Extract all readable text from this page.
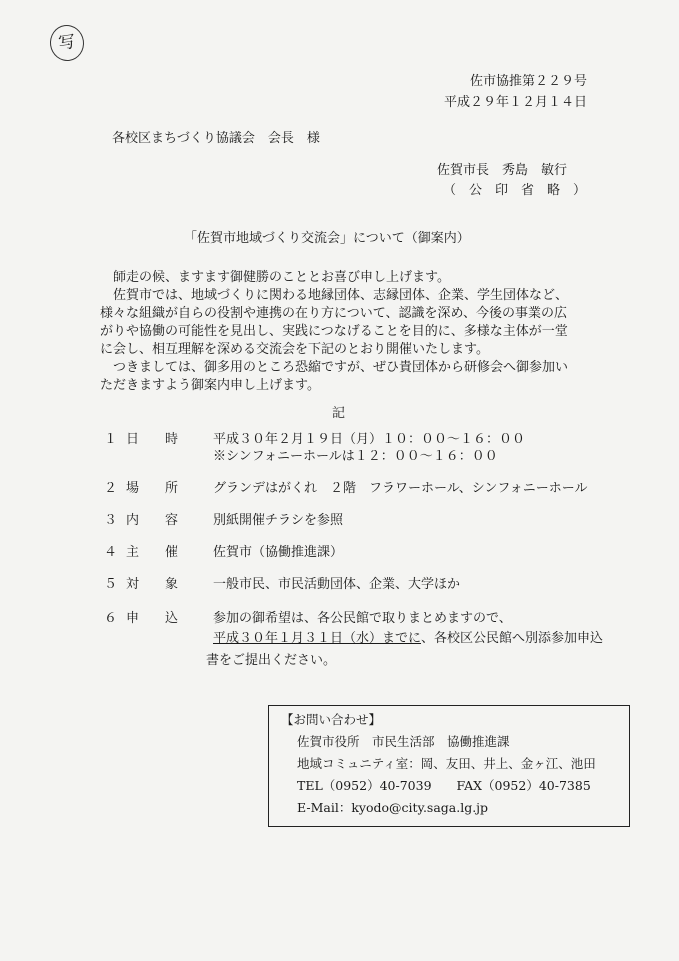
写
佐市協推第２２９号
平成２９年１２月１４日
各校区まちづくり協議会　会長　様
佐賀市長　秀島　敏行
（　公　印　省　略　）
「佐賀市地域づくり交流会」について（御案内）
師走の候、ますます御健勝のこととお喜び申し上げます。
佐賀市では、地域づくりに関わる地縁団体、志縁団体、企業、学生団体など、様々な組織が自らの役割や連携の在り方について、認識を深め、今後の事業の広がりや協働の可能性を見出し、実践につなげることを目的に、多様な主体が一堂に会し、相互理解を深める交流会を下記のとおり開催いたします。
つきましては、御多用のところ恐縮ですが、ぜひ貴団体から研修会へ御参加いただきますよう御案内申し上げます。
記
１ 日　　時	平成３０年２月１９日（月）１０：００～１６：００
※シンフォニーホールは１２：００～１６：００
２ 場　　所	グランデはがくれ　２階　フラワーホール、シンフォニーホール
３ 内　　容	別紙開催チラシを参照
４ 主　　催	佐賀市（協働推進課）
５ 対　　象	一般市民、市民活動団体、企業、大学ほか
６ 申　　込	参加の御希望は、各公民館で取りまとめますので、
平成３０年１月３１日（水）までに、各校区公民館へ別添参加申込
書をご提出ください。
【お問い合わせ】
佐賀市役所　市民生活部　協働推進課
地域コミュニティ室：岡、友田、井上、金ヶ江、池田
TEL（0952）40-7039　　FAX（0952）40-7385
E-Mail：kyodo@city.saga.lg.jp
